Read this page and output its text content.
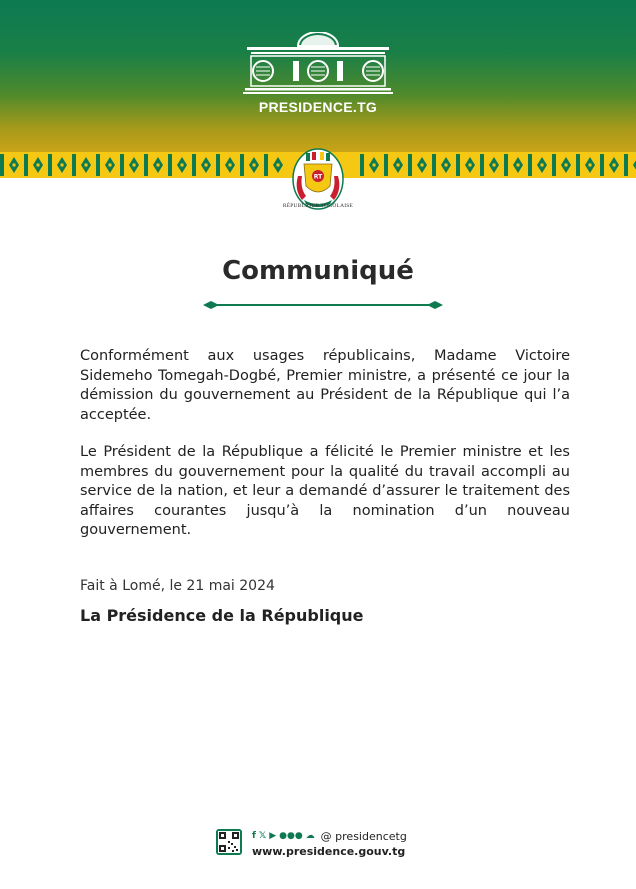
PRESIDENCE.TG
RT
RÉPUBLIQUE TOGOLAISE
Communiqué

Conformément aux usages républicains, Madame Victoire Sidemeho Tomegah-Dogbé, Premier ministre, a présenté ce jour la démission du gouvernement au Président de la République qui l’a acceptée.

Le Président de la République a félicité le Premier ministre et les membres du gouvernement pour la qualité du travail accompli au service de la nation, et leur a demandé d’assurer le traitement des affaires courantes jusqu’à la nomination d’un nouveau gouvernement.

Fait à Lomé, le 21 mai 2024
La Présidence de la République
f 𝕏 ▶ ●●● ☁ @ presidencetg
www.presidence.gouv.tg
